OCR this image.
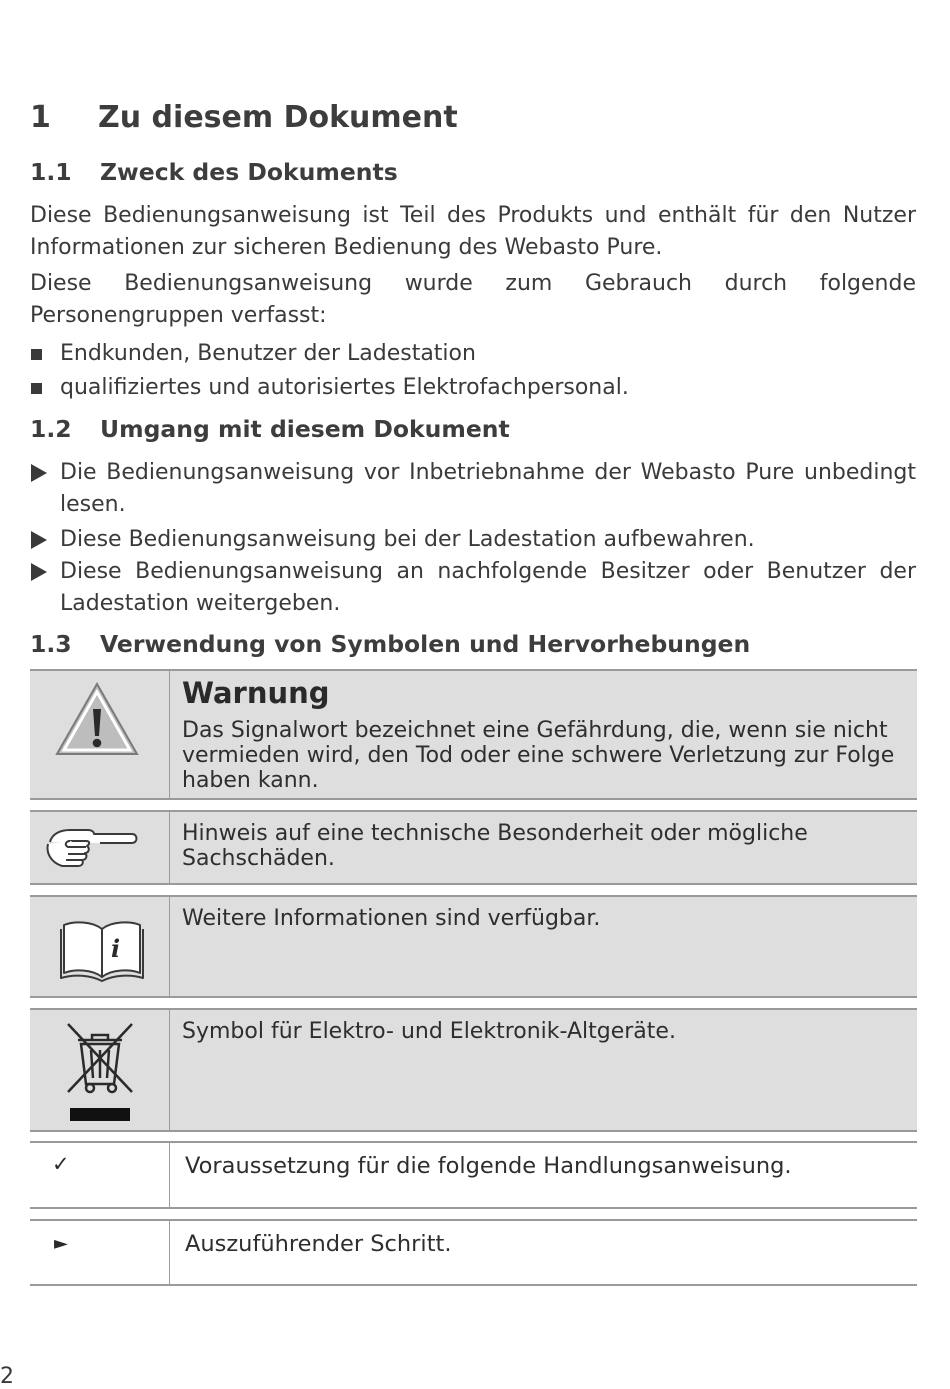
1 Zu diesem Dokument
1.1 Zweck des Dokuments

Diese Bedienungsanweisung ist Teil des Produkts und enthält für den Nutzer Informationen zur sicheren Bedienung des Webasto Pure.

Diese Bedienungsanweisung wurde zum Gebrauch durch folgende Personengruppen verfasst:

Endkunden, Benutzer der Ladestation
qualifiziertes und autorisiertes Elektrofachpersonal.
1.2 Umgang mit diesem Dokument
Die Bedienungsanweisung vor Inbetriebnahme der Webasto Pure unbedingt lesen.
Diese Bedienungsanweisung bei der Ladestation aufbewahren.
Diese Bedienungsanweisung an nachfolgende Besitzer oder Benutzer der Ladestation weitergeben.
1.3 Verwendung von Symbolen und Hervorhebungen
Warnung
Das Signalwort bezeichnet eine Gefährdung, die, wenn sie nicht vermieden wird, den Tod oder eine schwere Verletzung zur Folge haben kann.
Hinweis auf eine technische Besonderheit oder mögliche Sachschäden.
i
Weitere Informationen sind verfügbar.
Symbol für Elektro- und Elektronik-Altgeräte.
✓	Voraussetzung für die folgende Handlungsanweisung.
►	Auszuführender Schritt.
2
